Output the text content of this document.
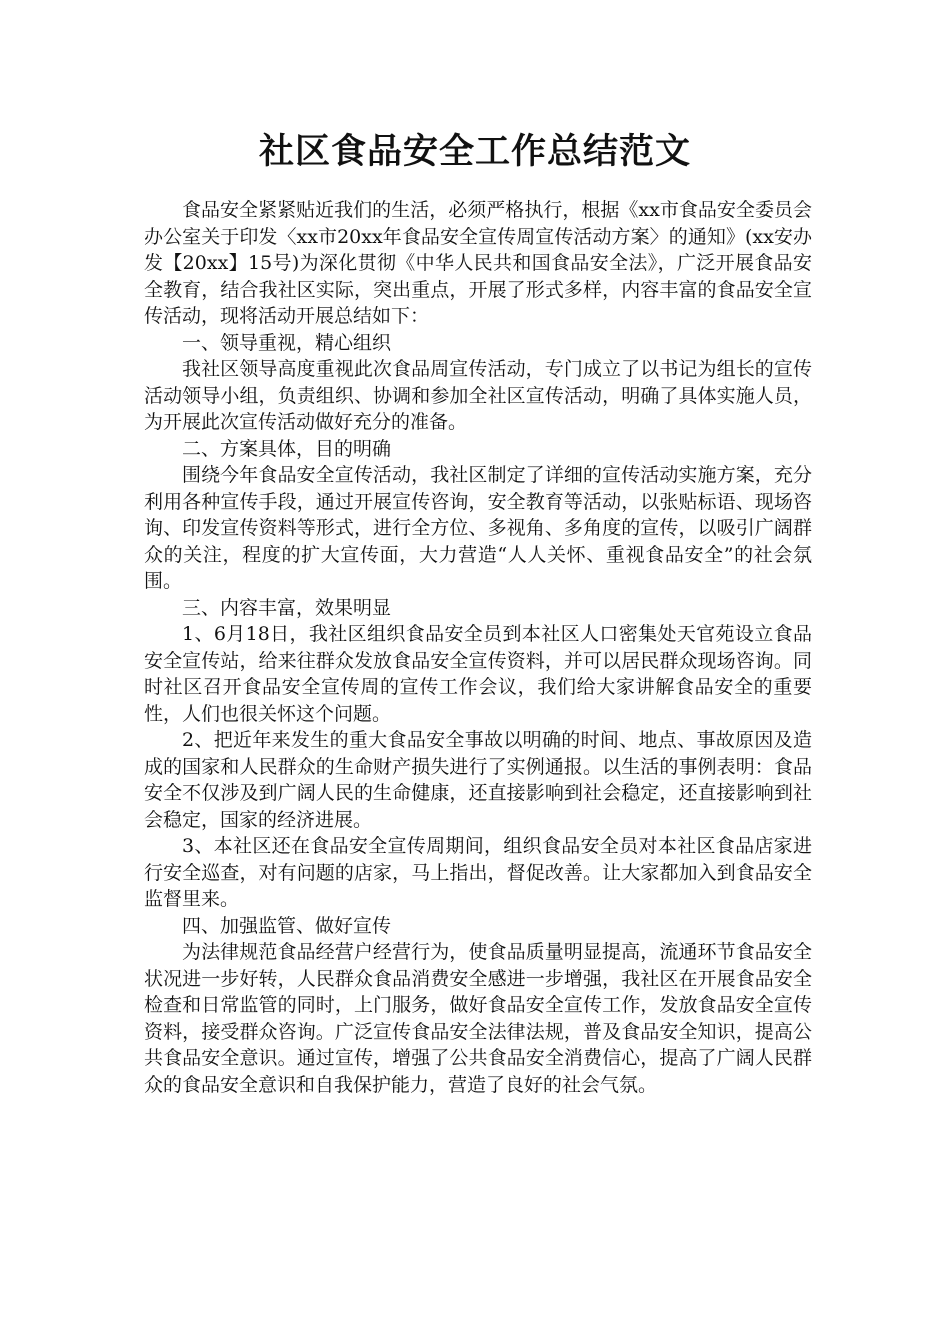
社区食品安全工作总结范文

食品安全紧紧贴近我们的生活，必须严格执行，根据《xx市食品安全委员会办公室关于印发〈xx市20xx年食品安全宣传周宣传活动方案〉的通知》(xx安办发【20xx】15号)为深化贯彻《中华人民共和国食品安全法》，广泛开展食品安全教育，结合我社区实际，突出重点，开展了形式多样，内容丰富的食品安全宣传活动，现将活动开展总结如下：

一、领导重视，精心组织

我社区领导高度重视此次食品周宣传活动，专门成立了以书记为组长的宣传活动领导小组，负责组织、协调和参加全社区宣传活动，明确了具体实施人员，为开展此次宣传活动做好充分的准备。

二、方案具体，目的明确

围绕今年食品安全宣传活动，我社区制定了详细的宣传活动实施方案，充分利用各种宣传手段，通过开展宣传咨询，安全教育等活动，以张贴标语、现场咨询、印发宣传资料等形式，进行全方位、多视角、多角度的宣传，以吸引广阔群众的关注，程度的扩大宣传面，大力营造“人人关怀、重视食品安全”的社会氛围。

三、内容丰富，效果明显

1、6月18日，我社区组织食品安全员到本社区人口密集处天官苑设立食品安全宣传站，给来往群众发放食品安全宣传资料，并可以居民群众现场咨询。同时社区召开食品安全宣传周的宣传工作会议，我们给大家讲解食品安全的重要性，人们也很关怀这个问题。

2、把近年来发生的重大食品安全事故以明确的时间、地点、事故原因及造成的国家和人民群众的生命财产损失进行了实例通报。以生活的事例表明：食品安全不仅涉及到广阔人民的生命健康，还直接影响到社会稳定，还直接影响到社会稳定，国家的经济进展。

3、本社区还在食品安全宣传周期间，组织食品安全员对本社区食品店家进行安全巡查，对有问题的店家，马上指出，督促改善。让大家都加入到食品安全监督里来。

四、加强监管、做好宣传

为法律规范食品经营户经营行为，使食品质量明显提高，流通环节食品安全状况进一步好转，人民群众食品消费安全感进一步增强，我社区在开展食品安全检查和日常监管的同时，上门服务，做好食品安全宣传工作，发放食品安全宣传资料，接受群众咨询。广泛宣传食品安全法律法规，普及食品安全知识，提高公共食品安全意识。通过宣传，增强了公共食品安全消费信心，提高了广阔人民群众的食品安全意识和自我保护能力，营造了良好的社会气氛。
